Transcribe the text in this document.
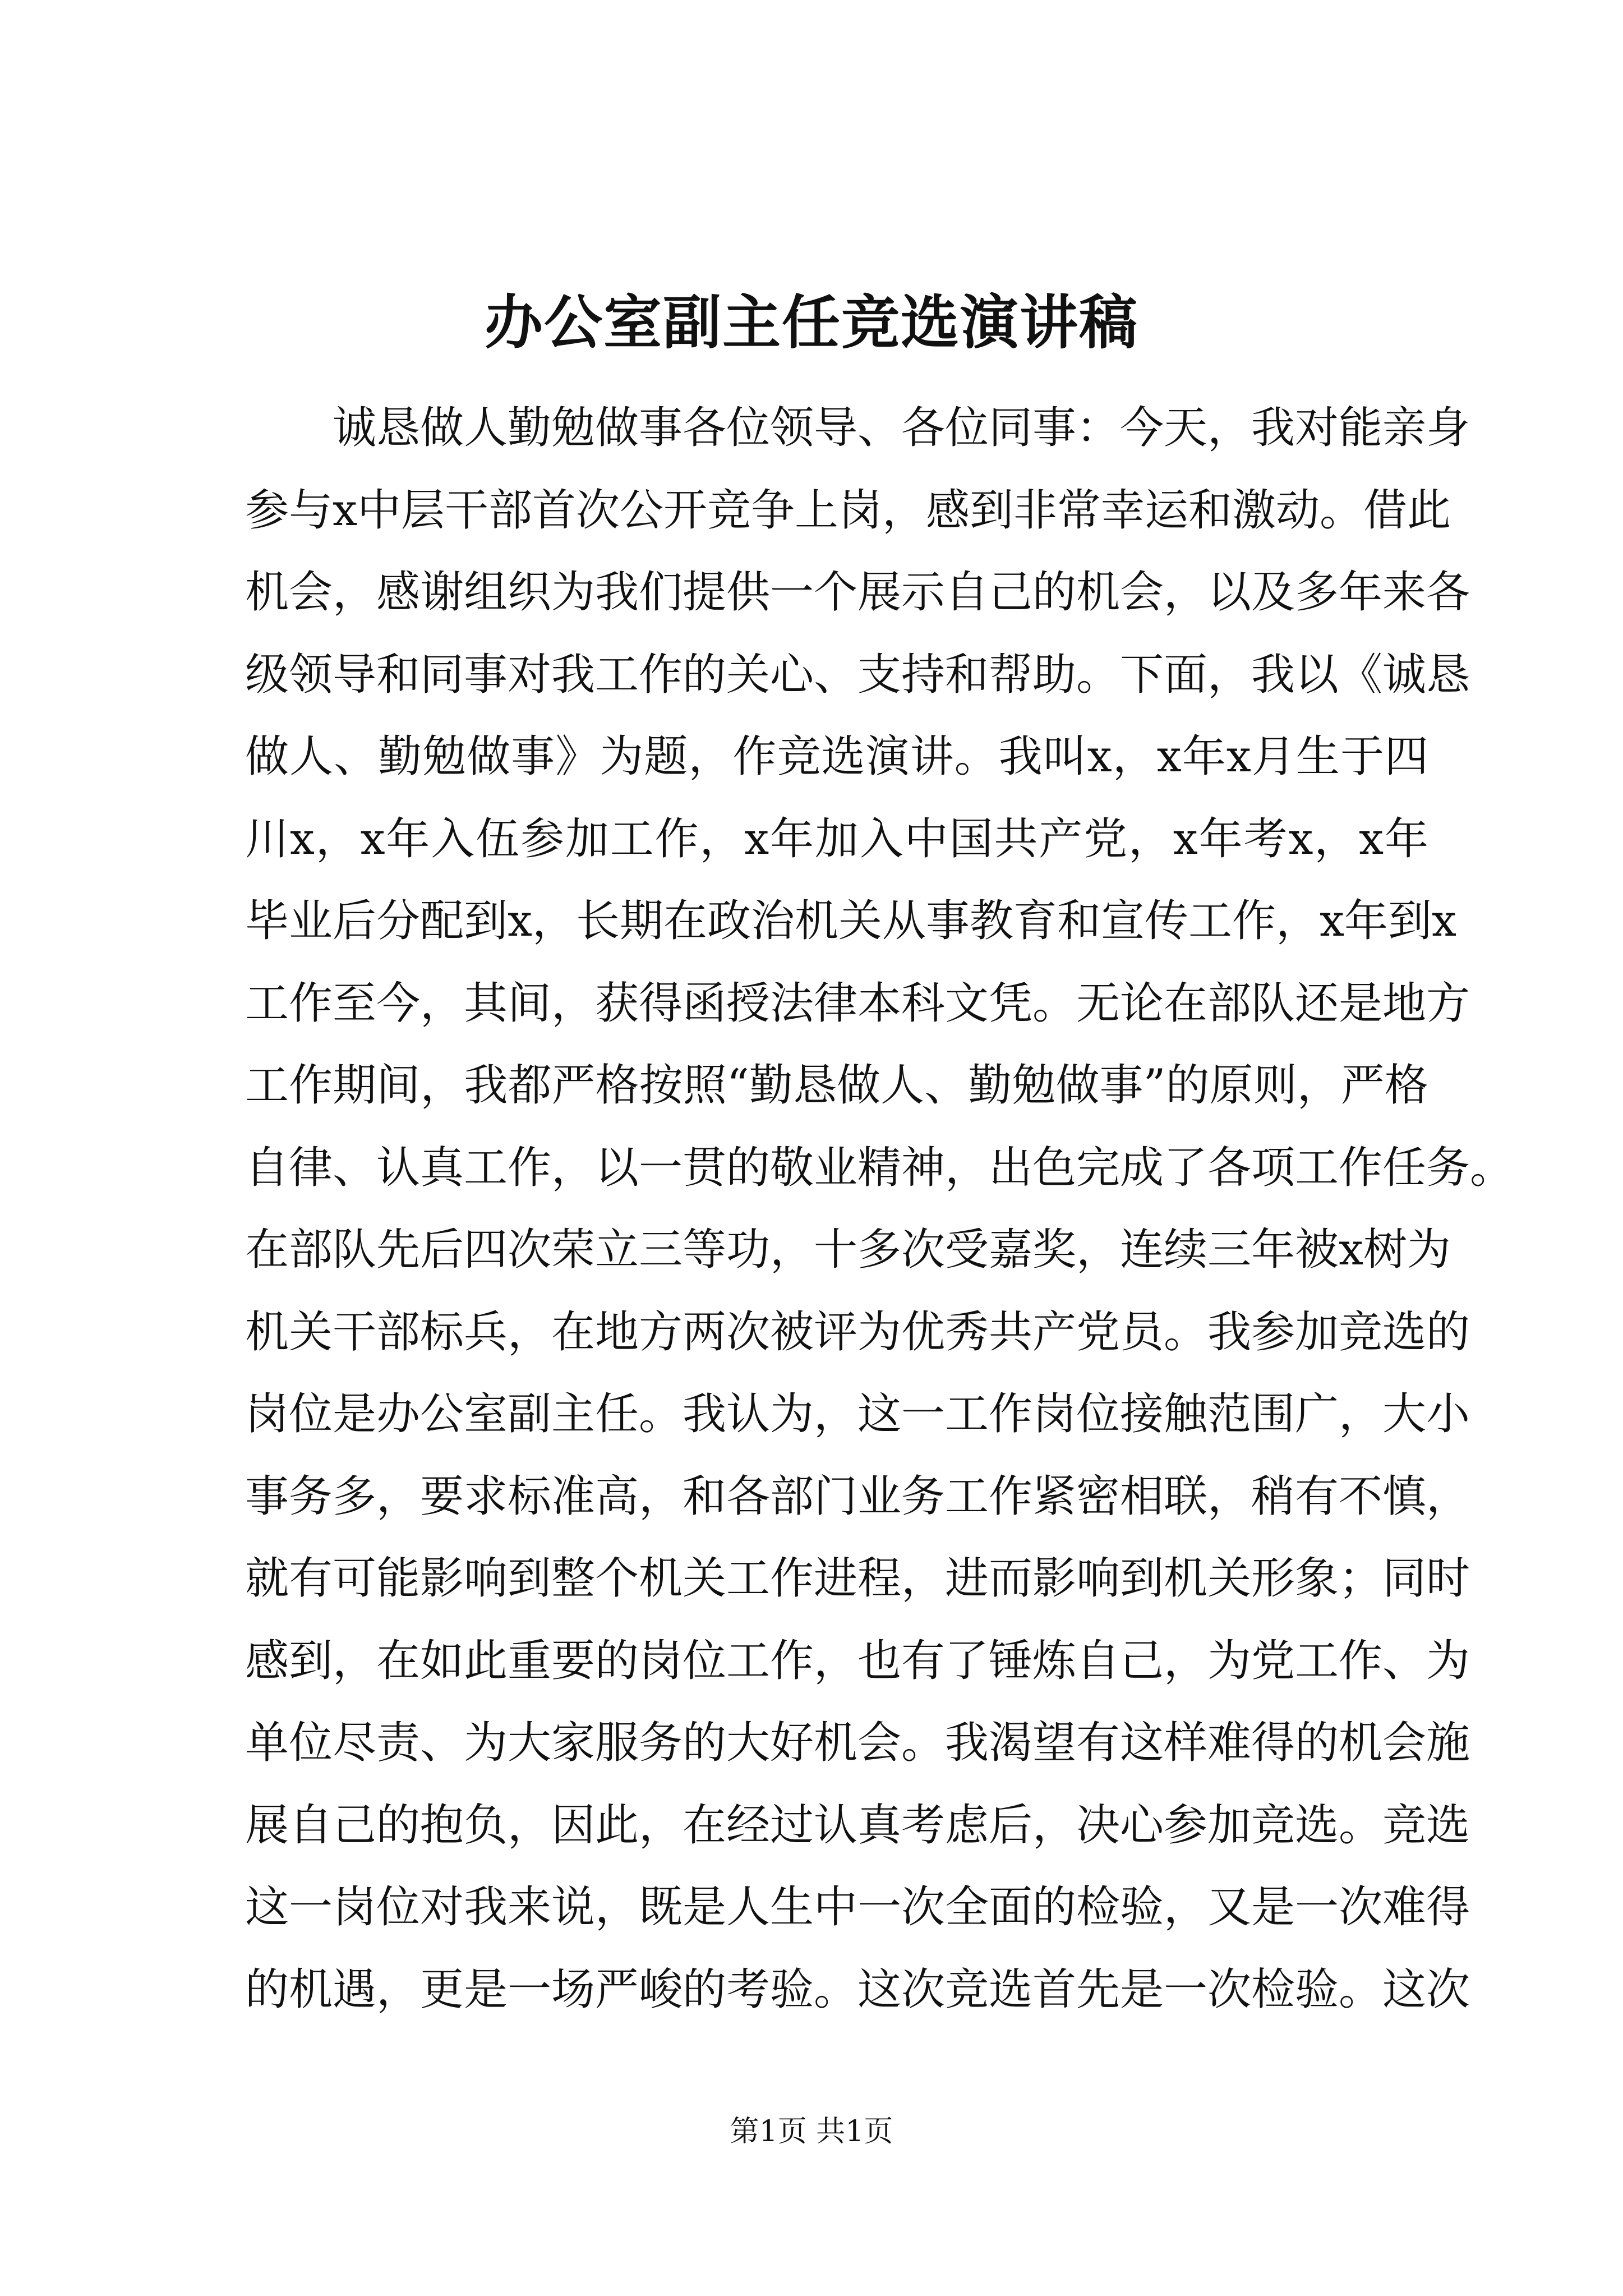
办公室副主任竞选演讲稿
诚恳做人勤勉做事各位领导、各位同事：今天，我对能亲身
参与x中层干部首次公开竞争上岗，感到非常幸运和激动。借此
机会，感谢组织为我们提供一个展示自己的机会，以及多年来各
级领导和同事对我工作的关心、支持和帮助。下面，我以《诚恳
做人、勤勉做事》为题，作竞选演讲。我叫x，x年x月生于四
川x，x年入伍参加工作，x年加入中国共产党，x年考x，x年
毕业后分配到x，长期在政治机关从事教育和宣传工作，x年到x
工作至今，其间，获得函授法律本科文凭。无论在部队还是地方
工作期间，我都严格按照“勤恳做人、勤勉做事”的原则，严格
自律、认真工作，以一贯的敬业精神，出色完成了各项工作任务。
在部队先后四次荣立三等功，十多次受嘉奖，连续三年被x树为
机关干部标兵，在地方两次被评为优秀共产党员。我参加竞选的
岗位是办公室副主任。我认为，这一工作岗位接触范围广，大小
事务多，要求标准高，和各部门业务工作紧密相联，稍有不慎，
就有可能影响到整个机关工作进程，进而影响到机关形象；同时
感到，在如此重要的岗位工作，也有了锤炼自己，为党工作、为
单位尽责、为大家服务的大好机会。我渴望有这样难得的机会施
展自己的抱负，因此，在经过认真考虑后，决心参加竞选。竞选
这一岗位对我来说，既是人生中一次全面的检验，又是一次难得
的机遇，更是一场严峻的考验。这次竞选首先是一次检验。这次
第1页 共1页
